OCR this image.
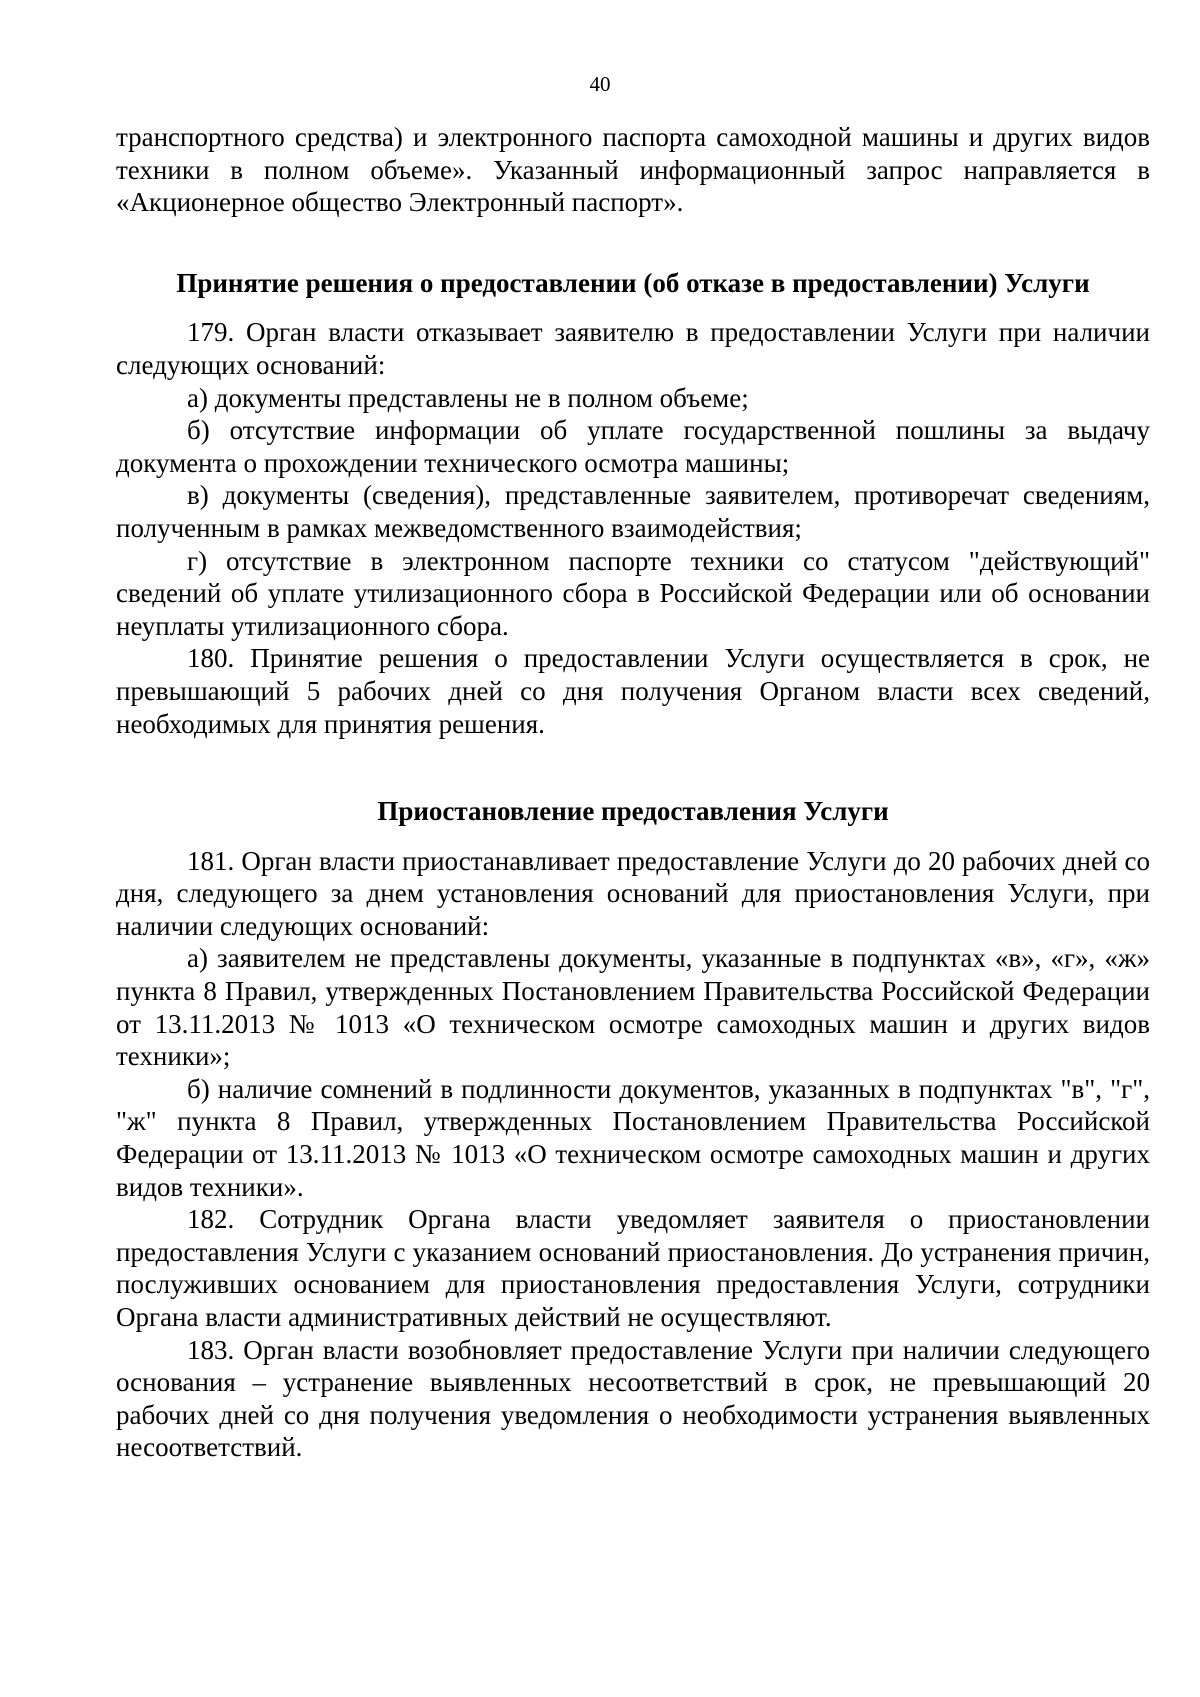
40

транспортного средства) и электронного паспорта самоходной машины и других видов техники в полном объеме». Указанный информационный запрос направляется в «Акционерное общество Электронный паспорт».

Принятие решения о предоставлении (об отказе в предоставлении) Услуги

179. Орган власти отказывает заявителю в предоставлении Услуги при наличии следующих оснований:

а) документы представлены не в полном объеме;

б) отсутствие информации об уплате государственной пошлины за выдачу документа о прохождении технического осмотра машины;

в) документы (сведения), представленные заявителем, противоречат сведениям, полученным в рамках межведомственного взаимодействия;

г) отсутствие в электронном паспорте техники со статусом "действующий" сведений об уплате утилизационного сбора в Российской Федерации или об основании неуплаты утилизационного сбора.

180. Принятие решения о предоставлении Услуги осуществляется в срок, не превышающий 5 рабочих дней со дня получения Органом власти всех сведений, необходимых для принятия решения.

Приостановление предоставления Услуги

181. Орган власти приостанавливает предоставление Услуги до 20 рабочих дней со дня, следующего за днем установления оснований для приостановления Услуги, при наличии следующих оснований:

а) заявителем не представлены документы, указанные в подпунктах «в», «г», «ж» пункта 8 Правил, утвержденных Постановлением Правительства Российской Федерации от 13.11.2013 № 1013 «О техническом осмотре самоходных машин и других видов техники»;

б) наличие сомнений в подлинности документов, указанных в подпунктах "в", "г", "ж" пункта 8 Правил, утвержденных Постановлением Правительства Российской Федерации от 13.11.2013 № 1013 «О техническом осмотре самоходных машин и других видов техники».

182. Сотрудник Органа власти уведомляет заявителя о приостановлении предоставления Услуги с указанием оснований приостановления. До устранения причин, послуживших основанием для приостановления предоставления Услуги, сотрудники Органа власти административных действий не осуществляют.

183. Орган власти возобновляет предоставление Услуги при наличии следующего основания – устранение выявленных несоответствий в срок, не превышающий 20 рабочих дней со дня получения уведомления о необходимости устранения выявленных несоответствий.
